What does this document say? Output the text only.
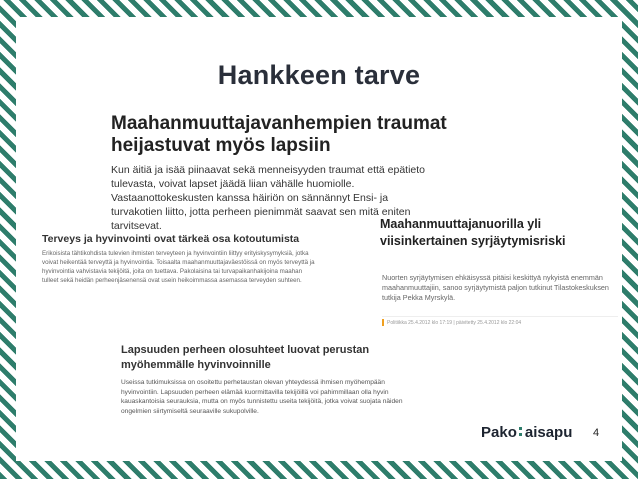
Hankkeen tarve
Maahanmuuttajavanhempien traumat heijastuvat myös lapsiin
Kun äitiä ja isää piinaavat sekä menneisyyden traumat että epätieto tulevasta, voivat lapset jäädä liian vähälle huomiolle. Vastaanottokeskusten kanssa häiriön on sännännyt Ensi- ja turvakotien liitto, jotta perheen pienimmät saavat sen mitä eniten tarvitsevat.
Terveys ja hyvinvointi ovat tärkeä osa kotoutumista
Erikoisista tähtikohdista tulevien ihmisten terveyteen ja hyvinvointiin liittyy erityiskysymyksiä, jotka voivat heikentää terveyttä ja hyvinvointia. Toisaalta maahanmuuttajaväestöissä on myös terveyttä ja hyvinvointia vahvistavia tekijöitä, joita on tuettava. Pakolaisina tai turvapaikanhakijoina maahan tulleet sekä heidän perheenjäsenensä ovat usein heikoimmassa asemassa terveyden suhteen.
Maahanmuuttajanuorilla yli viisinkertainen syrjäytymisriski
Nuorten syrjäytymisen ehkäisyssä pitäisi keskittyä nykyistä enemmän maahanmuuttajiin, sanoo syrjäytymistä paljon tutkinut Tilastokeskuksen tutkija Pekka Myrskylä.
Politiikka 25.4.2012 klo 17:19 | päivitetty 25.4.2012 klo 22:04
Lapsuuden perheen olosuhteet luovat perustan myöhemmälle hyvinvoinnille
Useissa tutkimuksissa on osoitettu perhetaustan olevan yhteydessä ihmisen myöhempään hyvinvointiin. Lapsuuden perheen elämää kuormittavilla tekijöillä voi pahimmillaan olla hyvin kauaskantoisia seurauksia, mutta on myös tunnistettu useita tekijöitä, jotka voivat suojata näiden ongelmien siirtymiseltä seuraaville sukupolville.
Pako aisapu 4
